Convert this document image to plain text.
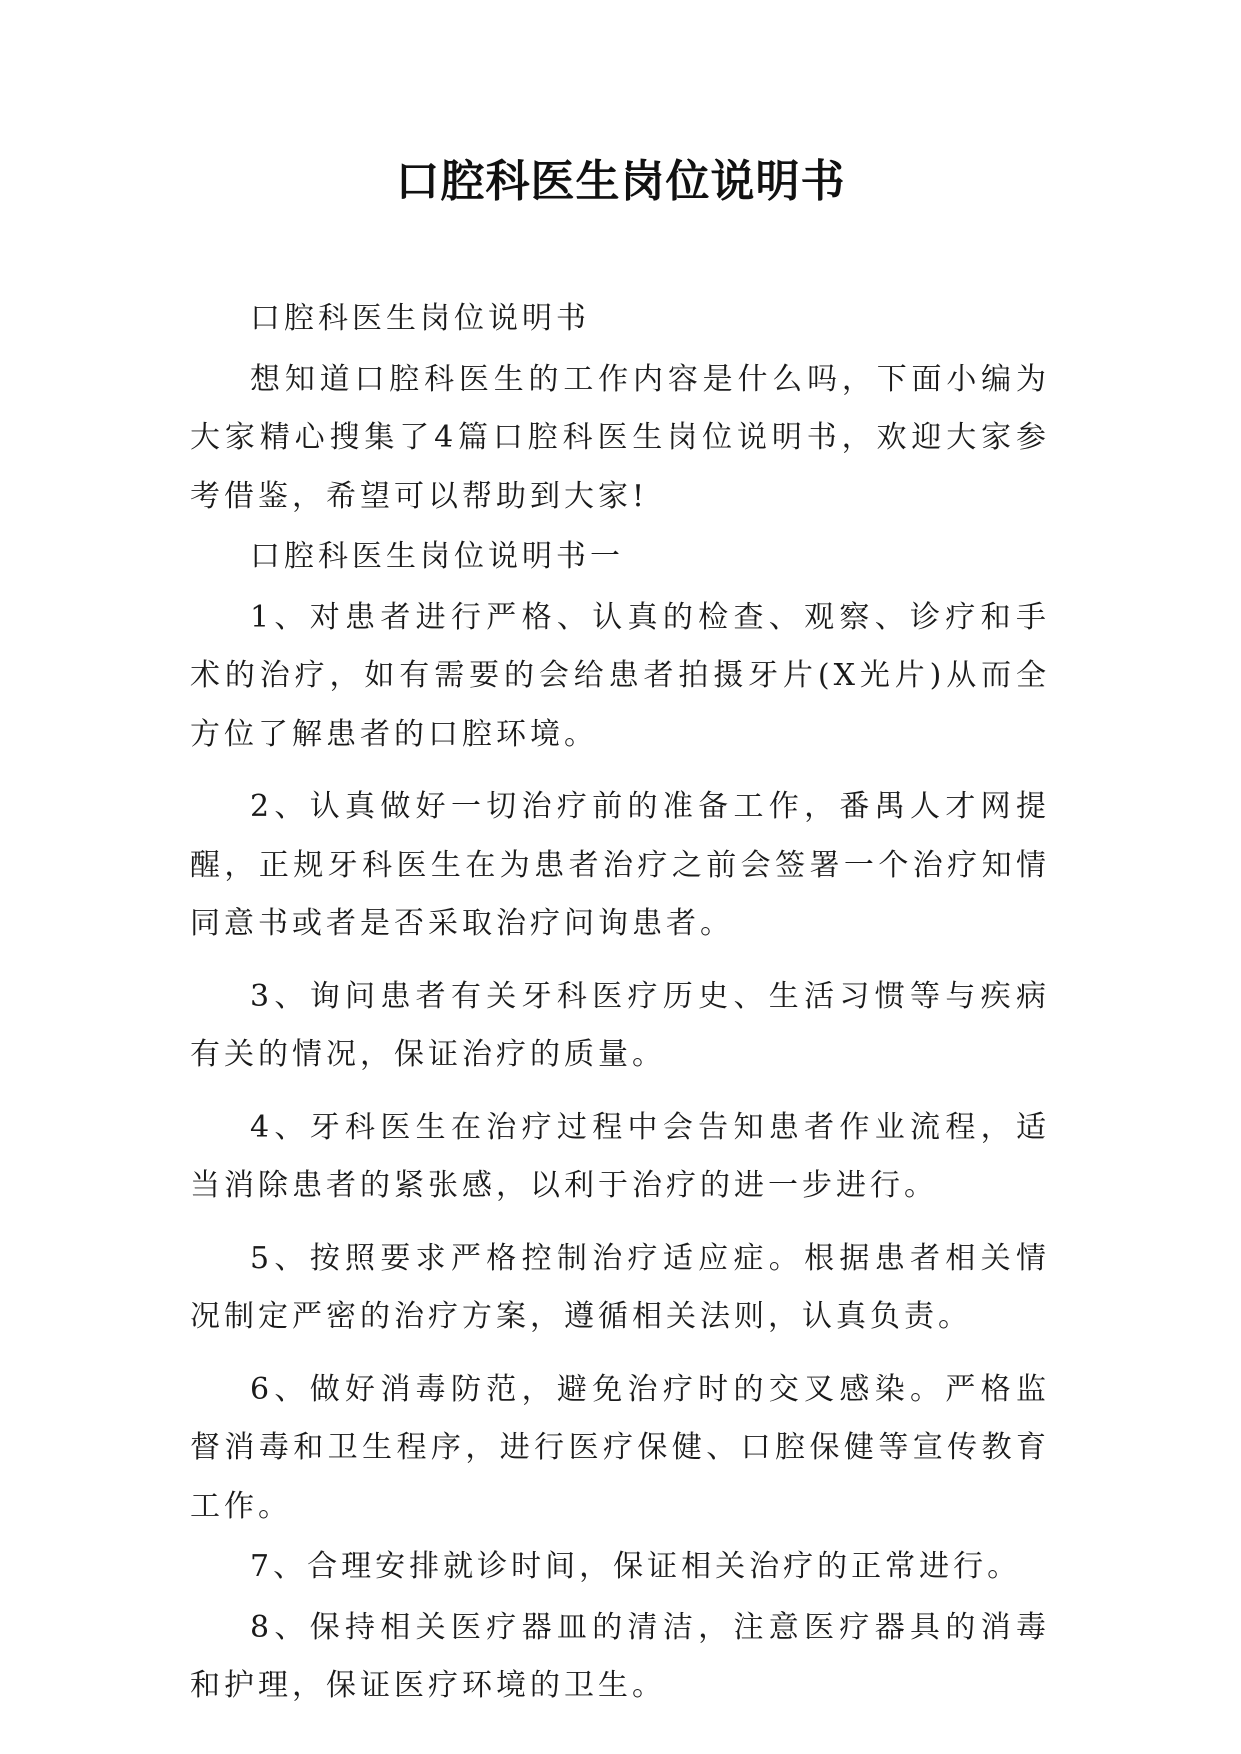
口腔科医生岗位说明书

口腔科医生岗位说明书

想知道口腔科医生的工作内容是什么吗，下面小编为大家精心搜集了4篇口腔科医生岗位说明书，欢迎大家参考借鉴，希望可以帮助到大家!

口腔科医生岗位说明书一

1、对患者进行严格、认真的检查、观察、诊疗和手术的治疗，如有需要的会给患者拍摄牙片(X光片)从而全方位了解患者的口腔环境。

2、认真做好一切治疗前的准备工作，番禺人才网提醒，正规牙科医生在为患者治疗之前会签署一个治疗知情同意书或者是否采取治疗问询患者。

3、询问患者有关牙科医疗历史、生活习惯等与疾病有关的情况，保证治疗的质量。

4、牙科医生在治疗过程中会告知患者作业流程，适当消除患者的紧张感，以利于治疗的进一步进行。

5、按照要求严格控制治疗适应症。根据患者相关情况制定严密的治疗方案，遵循相关法则，认真负责。

6、做好消毒防范，避免治疗时的交叉感染。严格监督消毒和卫生程序，进行医疗保健、口腔保健等宣传教育工作。

7、合理安排就诊时间，保证相关治疗的正常进行。

8、保持相关医疗器皿的清洁，注意医疗器具的消毒和护理，保证医疗环境的卫生。
